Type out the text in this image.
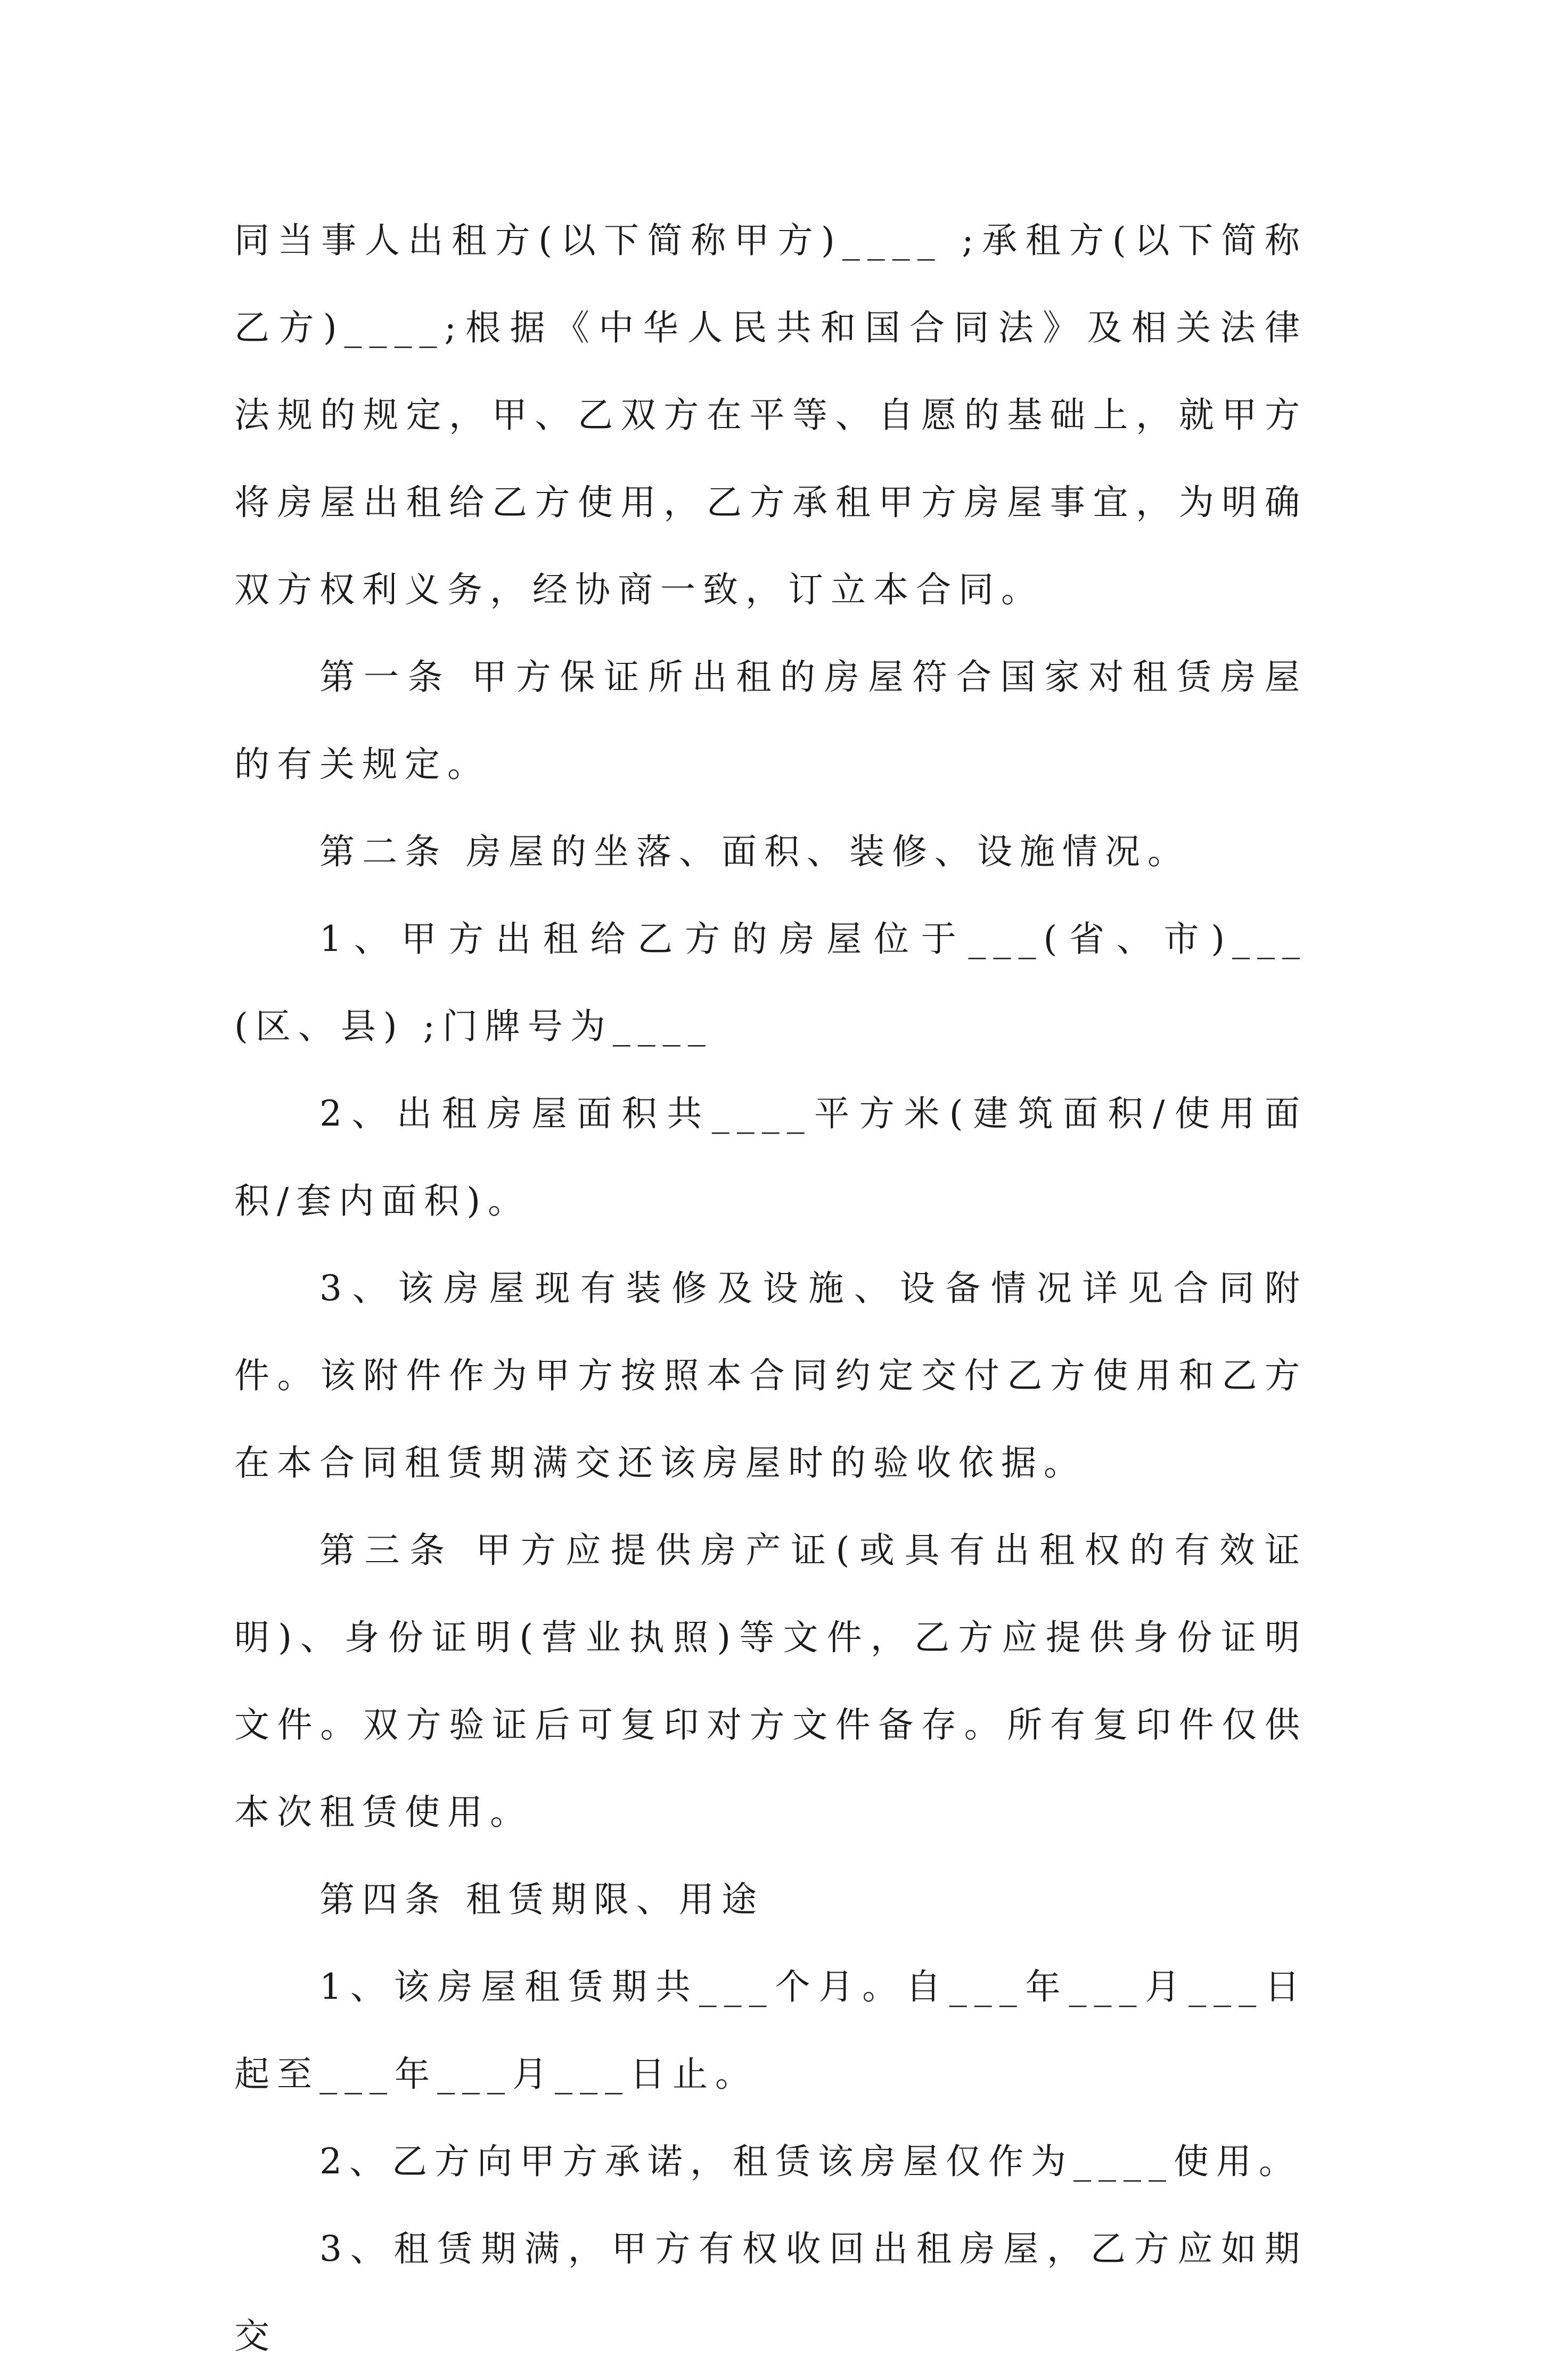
同当事人出租方(以下简称甲方)____ ;承租方(以下简称乙方)____;根据《中华人民共和国合同法》及相关法律法规的规定，甲、乙双方在平等、自愿的基础上，就甲方将房屋出租给乙方使用，乙方承租甲方房屋事宜，为明确双方权利义务，经协商一致，订立本合同。

第一条 甲方保证所出租的房屋符合国家对租赁房屋的有关规定。

第二条 房屋的坐落、面积、装修、设施情况。

1、甲方出租给乙方的房屋位于___(省、市)___(区、县) ;门牌号为____

2、出租房屋面积共____平方米(建筑面积/使用面积/套内面积)。

3、该房屋现有装修及设施、设备情况详见合同附件。该附件作为甲方按照本合同约定交付乙方使用和乙方在本合同租赁期满交还该房屋时的验收依据。

第三条 甲方应提供房产证(或具有出租权的有效证明)、身份证明(营业执照)等文件，乙方应提供身份证明文件。双方验证后可复印对方文件备存。所有复印件仅供本次租赁使用。

第四条 租赁期限、用途

1、该房屋租赁期共___个月。自___年___月___日起至___年___月___日止。

2、乙方向甲方承诺，租赁该房屋仅作为____使用。

3、租赁期满，甲方有权收回出租房屋，乙方应如期交
